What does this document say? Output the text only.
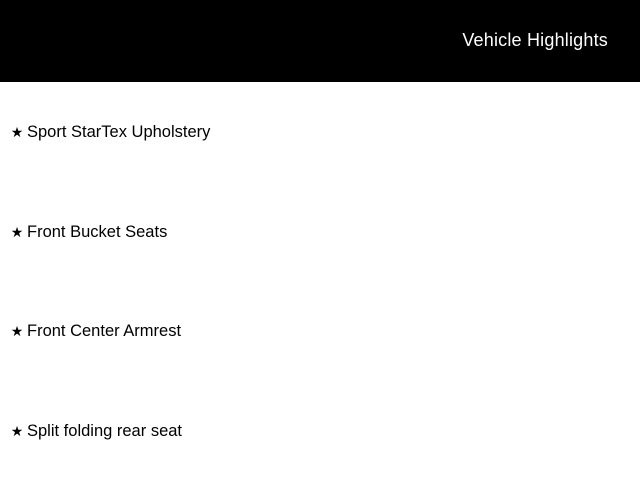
Vehicle Highlights
★ Sport StarTex Upholstery
★ Front Bucket Seats
★ Front Center Armrest
★ Split folding rear seat
